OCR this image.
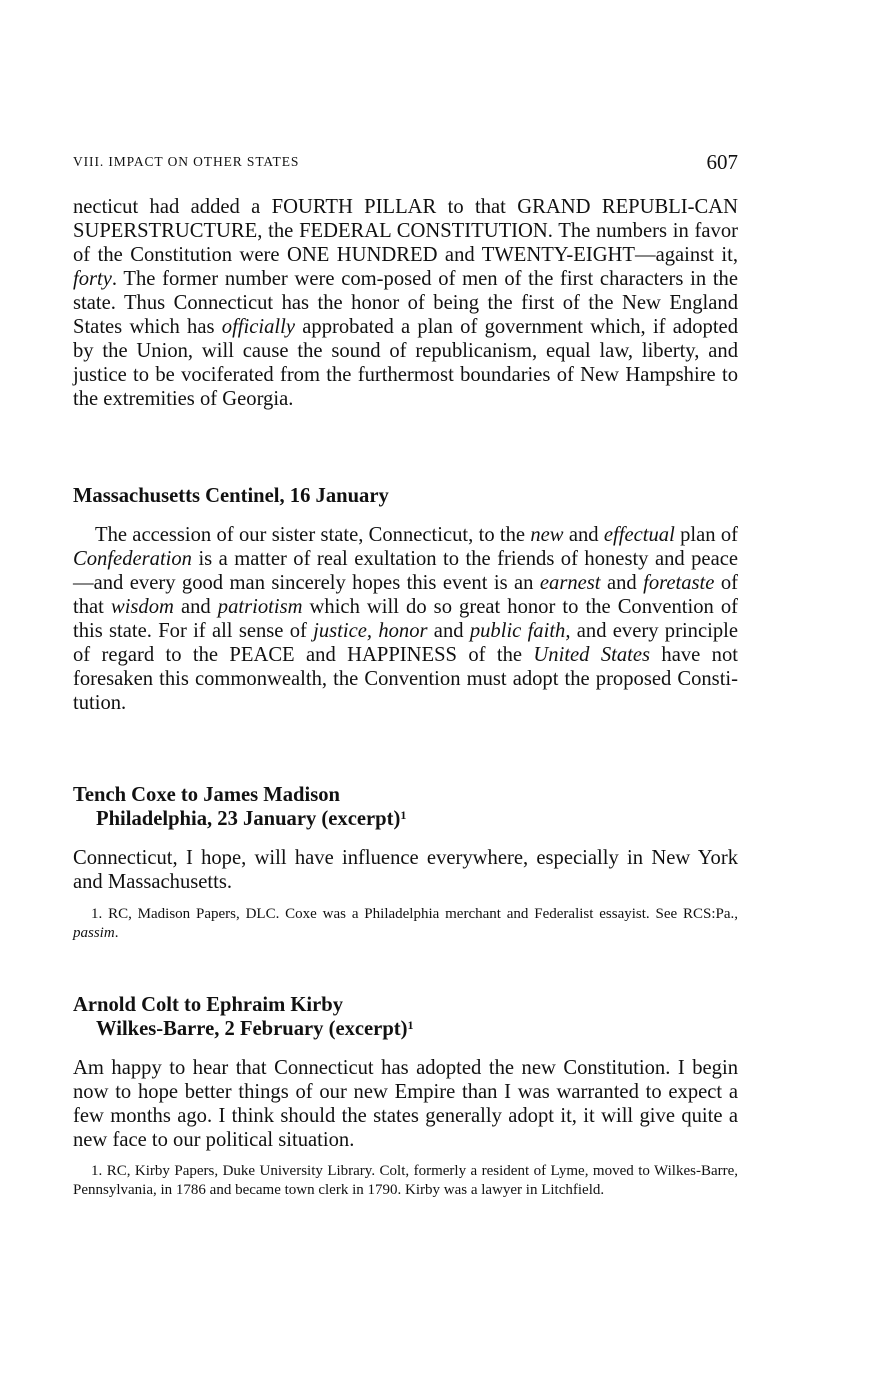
VIII. IMPACT ON OTHER STATES	607

necticut had added a FOURTH PILLAR to that GRAND REPUBLI-CAN SUPERSTRUCTURE, the FEDERAL CONSTITUTION. The numbers in favor of the Constitution were ONE HUNDRED and TWENTY-EIGHT—against it, forty. The former number were com-posed of men of the first characters in the state. Thus Connecticut has the honor of being the first of the New England States which has officially approbated a plan of government which, if adopted by the Union, will cause the sound of republicanism, equal law, liberty, and justice to be vociferated from the furthermost boundaries of New Hampshire to the extremities of Georgia.

Massachusetts Centinel, 16 January

The accession of our sister state, Connecticut, to the new and effectual plan of Confederation is a matter of real exultation to the friends of honesty and peace—and every good man sincerely hopes this event is an earnest and foretaste of that wisdom and patriotism which will do so great honor to the Convention of this state. For if all sense of justice, honor and public faith, and every principle of regard to the PEACE and HAPPINESS of the United States have not foresaken this commonwealth, the Convention must adopt the proposed Consti-tution.

Tench Coxe to James Madison
Philadelphia, 23 January (excerpt)$^1$

Connecticut, I hope, will have influence everywhere, especially in New York and Massachusetts.

1. RC, Madison Papers, DLC. Coxe was a Philadelphia merchant and Federalist essayist. See RCS:Pa., passim.

Arnold Colt to Ephraim Kirby
Wilkes-Barre, 2 February (excerpt)$^1$

Am happy to hear that Connecticut has adopted the new Constitution. I begin now to hope better things of our new Empire than I was warranted to expect a few months ago. I think should the states generally adopt it, it will give quite a new face to our political situation.

1. RC, Kirby Papers, Duke University Library. Colt, formerly a resident of Lyme, moved to Wilkes-Barre, Pennsylvania, in 1786 and became town clerk in 1790. Kirby was a lawyer in Litchfield.
